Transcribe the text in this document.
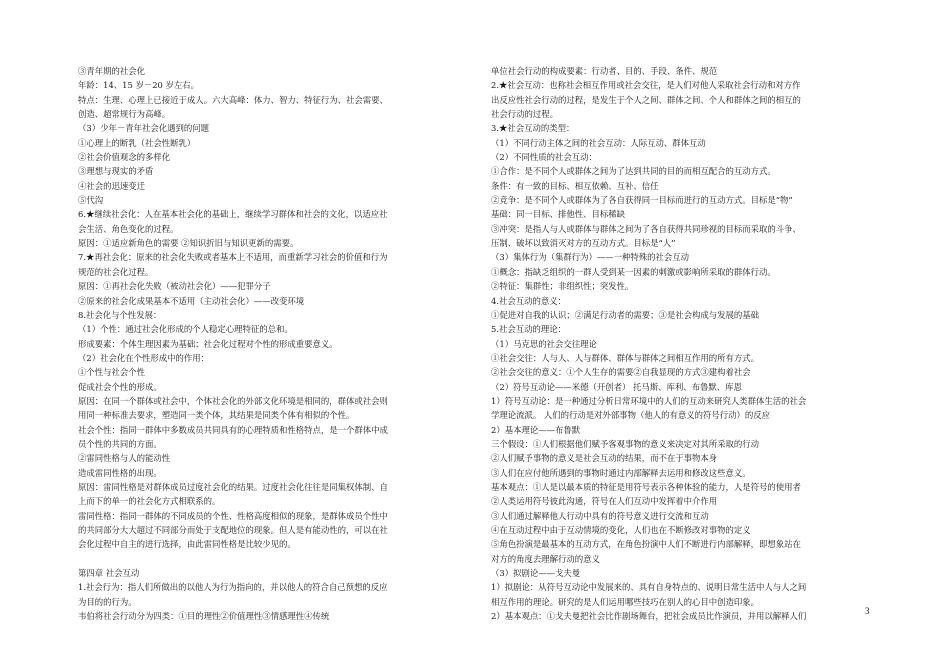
③青年期的社会化
年龄：14、15 岁－20 岁左右。
特点：生理、心理上已接近于成人。六大高峰：体力、智力、特征行为、社会需要、
创造、超常规行为高峰。
（3）少年－青年社会化遇到的问题
①心理上的断乳（社会性断乳）
②社会价值观念的多样化
③理想与现实的矛盾
④社会的迅速变迁
⑤代沟
6.★继续社会化：人在基本社会化的基础上，继续学习群体和社会的文化，以适应社
会生活、角色变化的过程。
原因：①适应新角色的需要 ②知识折旧与知识更新的需要。
7.★再社会化：原来的社会化失败或者基本上不适用，而重新学习社会的价值和行为
规范的社会化过程。
原因：①再社会化失败（被动社会化）——犯罪分子
②原来的社会化成果基本不适用（主动社会化）——改变环境
8.社会化与个性发展：
（1）个性：通过社会化形成的个人稳定心理特征的总和。
形成要素：个体生理因素为基础；社会化过程对个性的形成重要意义。
（2）社会化在个性形成中的作用：
①个性与社会个性
促成社会个性的形成。
原因：在同一个群体或社会中，个体社会化的外部文化环境是相同的，群体或社会则
用同一种标准去要求，塑造同一类个体，其结果是同类个体有相似的个性。
社会个性：指同一群体中多数成员共同具有的心理特质和性格特点，是一个群体中成
员个性的共同的方面。
②雷同性格与人的能动性
造成雷同性格的出现。
原因：雷同性格是对群体成员过度社会化的结果。过度社会化往往是同集权体制、自
上而下的单一的社会化方式相联系的。
雷同性格：指同一群体的不同成员的个性、性格高度相似的现象，是群体成员个性中
的共同部分大大超过不同部分而处于支配地位的现象。但人是有能动性的，可以在社
会化过程中自主的进行选择，由此雷同性格是比较少见的。
第四章 社会互动
1.社会行为：指人们所做出的以他人为行为指向的，并以他人的符合自己预想的反应
为目的的行为。
韦伯将社会行动分为四类：①目的理性②价值理性③情感理性④传统
单位社会行动的构成要素：行动者、目的、手段、条件、规范
2.★社会互动：也称社会相互作用或社会交往，是人们对他人采取社会行动和对方作
出反应性社会行动的过程，是发生于个人之间、群体之间、个人和群体之间的相互的
社会行动的过程。
3.★社会互动的类型：
（1）不同行动主体之间的社会互动：人际互动、群体互动
（2）不同性质的社会互动：
①合作：是不同个人或群体之间为了达到共同的目的而相互配合的互动方式。
条件：有一致的目标、相互依赖、互补、信任
②竞争：是不同个人或群体为了各自获得同一目标而进行的互动方式。目标是“物”
基础：同一目标、排他性、目标稀缺
③冲突：是指人与人或群体与群体之间为了各自获得共同珍视的目标而采取的斗争、
压制、破坏以致消灭对方的互动方式。目标是“人”
（3）集体行为（集群行为）——一种特殊的社会互动
①概念：指缺乏组织的一群人受到某一因素的刺激或影响所采取的群体行动。
②特征：集群性；非组织性；突发性。
4.社会互动的意义：
①促进对自我的认识；②满足行动者的需要；③是社会构成与发展的基础
5.社会互动的理论：
（1）马克思的社会交往理论
①社会交往：人与人、人与群体、群体与群体之间相互作用的所有方式。
②社会交往的意义：①个人生存的需要②自我显现的方式③建构着社会
（2）符号互动论——米德（开创者） 托马斯、库利、布鲁默、库恩
1）符号互动论：是一种通过分析日常环境中的人们的互动来研究人类群体生活的社会
学理论流派。 人们的行动是对外部事物（他人的有意义的符号行动）的反应
2）基本理论——布鲁默
三个假设：①人们根据他们赋予客观事物的意义来决定对其所采取的行动
②人们赋予事物的意义是社会互动的结果，而不在于事物本身
③人们在应付他所遇到的事物时通过内部解释去运用和修改这些意义。
基本观点：①人是以最本质的特征是用符号表示各种体验的能力，人是符号的使用者
②人类运用符号彼此沟通，符号在人们互动中发挥着中介作用
③人们通过解释他人行动中具有的符号意义进行交流和互动
④在互动过程中由于互动情境的变化，人们也在不断修改对事物的定义
⑤角色扮演是最基本的互动方式，在角色扮演中人们不断进行内部解释，即想象站在
对方的角度去理解行动的意义
（3）拟剧论——戈夫曼
1）拟剧论：从符号互动论中发展来的、具有自身特点的、说明日常生活中人与人之间
相互作用的理论。研究的是人们运用哪些技巧在别人的心目中创造印象。
2）基本观点：①戈夫曼把社会比作剧场舞台，把社会成员比作演员，并用以解释人们
3
